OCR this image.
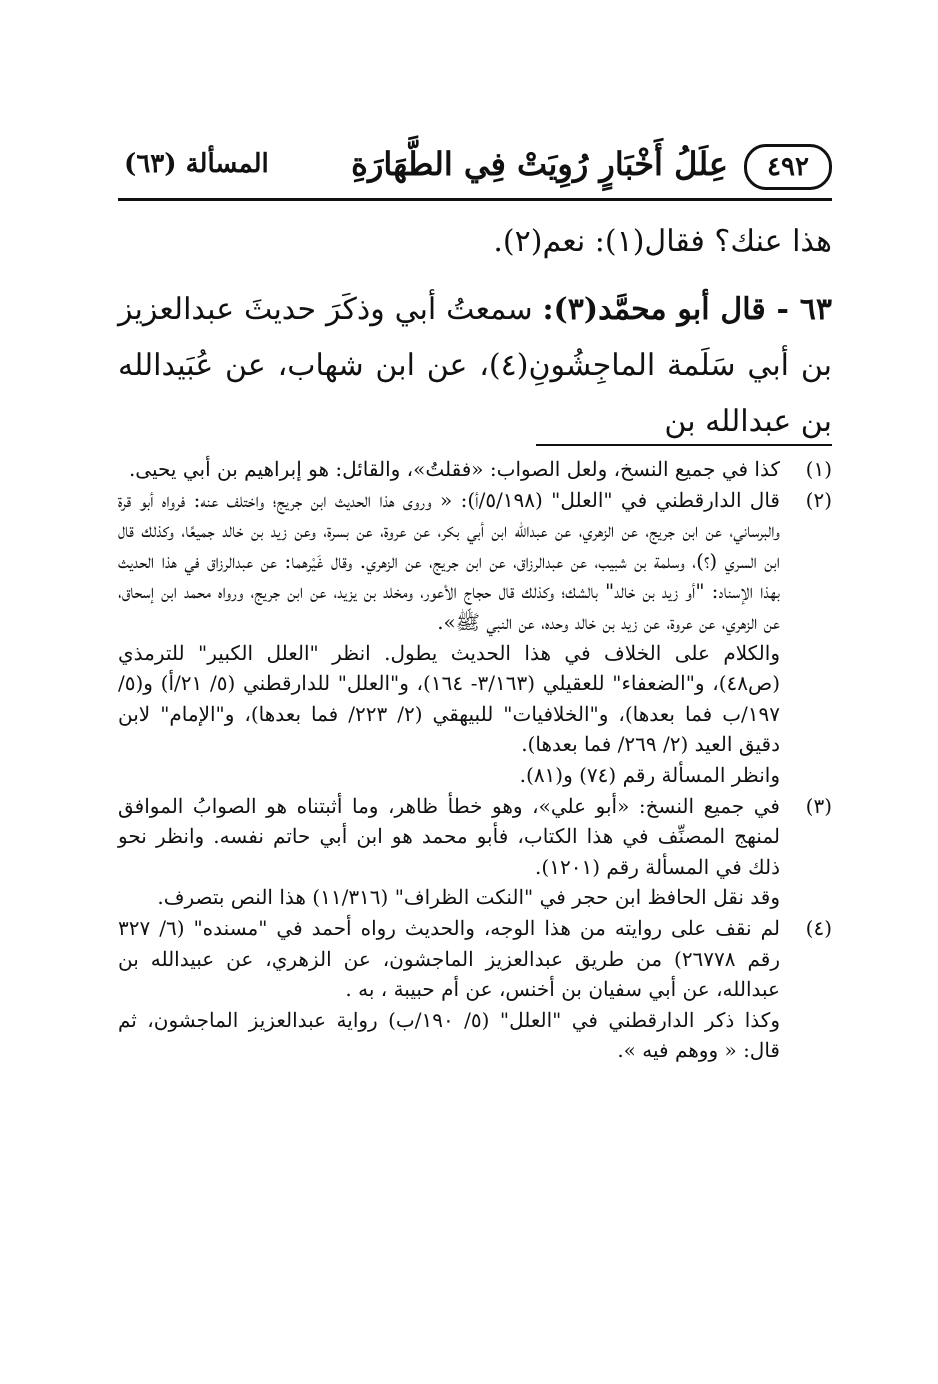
٤٩٢
عِلَلُ أَخْبَارٍ رُوِيَتْ فِي الطَّهَارَةِ
المسألة (٦٣)

هذا عنك؟ فقال(١): نعم(٢).

٦٣ - قال أبو محمَّد(٣): سمعتُ أبي وذكَرَ حديثَ عبدالعزيز بن أبي سَلَمة الماجِشُونِ(٤)، عن ابن شهاب، عن عُبَيدالله بن عبدالله بن

(١)

كذا في جميع النسخ، ولعل الصواب: «فقلتُ»، والقائل: هو إبراهيم بن أبي يحيى.

(٢)

قال الدارقطني في "العلل" (٥/١٩٨/أ): « وروى هذا الحديث ابن جريج؛ واختلف عنه: فرواه أبو قرة والبرساني، عن ابن جريج، عن الزهري، عن عبدالله ابن أبي بكر، عن عروة، عن بسرة، وعن زيد بن خالد جميعًا، وكذلك قال ابن السري (؟)، وسلمة بن شبيب، عن عبدالرزاق، عن ابن جريج، عن الزهري. وقال غَيْرهما: عن عبدالرزاق في هذا الحديث بهذا الإسناد: "أو زيد بن خالد" بالشك؛ وكذلك قال حجاج الأعور، ومخلد بن يزيد، عن ابن جريج، ورواه محمد ابن إسحاق، عن الزهري، عن عروة، عن زيد بن خالد وحده، عن النبي ﷺ».

والكلام على الخلاف في هذا الحديث يطول. انظر "العلل الكبير" للترمذي (ص٤٨)، و"الضعفاء" للعقيلي (٣/١٦٣- ١٦٤)، و"العلل" للدارقطني (٥/ ٢١/أ) و(٥/ ١٩٧/ب فما بعدها)، و"الخلافيات" للبيهقي (٢/ ٢٢٣/ فما بعدها)، و"الإمام" لابن دقيق العيد (٢/ ٢٦٩/ فما بعدها).

وانظر المسألة رقم (٧٤) و(٨١).

(٣)

في جميع النسخ: «أبو علي»، وهو خطأ ظاهر، وما أثبتناه هو الصوابُ الموافق لمنهج المصنِّف في هذا الكتاب، فأبو محمد هو ابن أبي حاتم نفسه. وانظر نحو ذلك في المسألة رقم (١٢٠١).

وقد نقل الحافظ ابن حجر في "النكت الظراف" (١١/٣١٦) هذا النص بتصرف.

(٤)

لم نقف على روايته من هذا الوجه، والحديث رواه أحمد في "مسنده" (٦/ ٣٢٧ رقم ٢٦٧٧٨) من طريق عبدالعزيز الماجشون، عن الزهري، عن عبيدالله بن عبدالله، عن أبي سفيان بن أخنس، عن أم حبيبة ، به .

وكذا ذكر الدارقطني في "العلل" (٥/ ١٩٠/ب) رواية عبدالعزيز الماجشون، ثم قال: « ووهم فيه ».
